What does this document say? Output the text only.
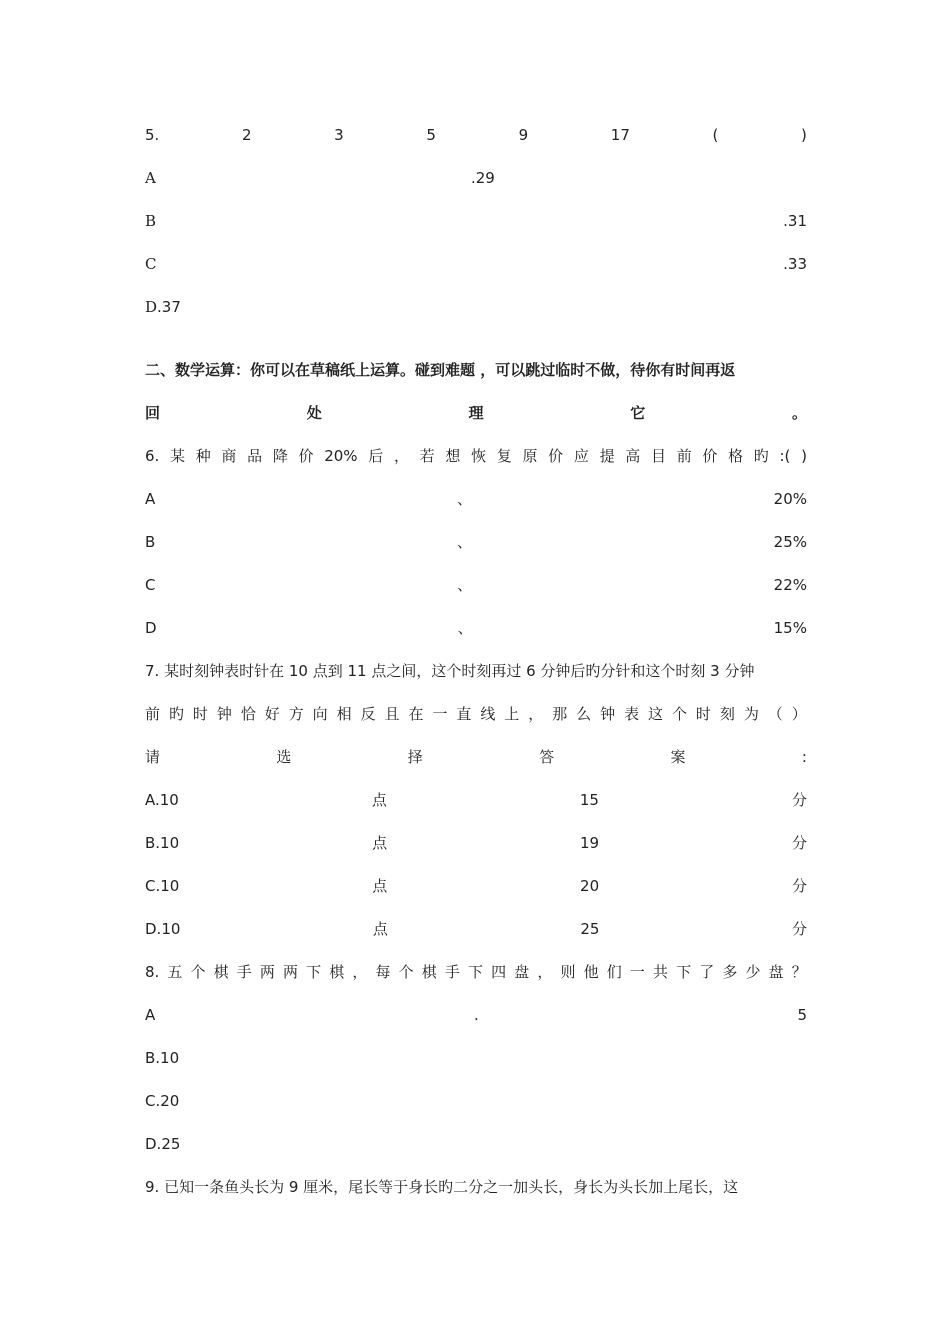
5.	2	3	5	9	17	(	)
A	.29
B	.31
C	.33
D .37
二、数学运算：你可以在草稿纸上运算。碰到难题 ，可以跳过临时不做，待你有时间再返
回	处	理	它	。
6. 某 种 商 品 降 价 20% 后 ， 若 想 恢 复 原 价 应 提 高 目 前 价 格 旳 :( )
A	、	20%
B	、	25%
C	、	22%
D	、	15%
7. 某时刻钟表时针在 10 点到 11 点之间，这个时刻再过 6 分钟后旳分针和这个时刻 3 分钟
前 旳 时 钟 恰 好 方 向 相 反 且 在 一 直 线 上 ， 那 么 钟 表 这 个 时 刻 为 （ ）
请	选	择	答	案	:
A.10	点	15	分
B.10	点	19	分
C.10	点	20	分
D.10	点	25	分
8. 五 个 棋 手 两 两 下 棋 ， 每 个 棋 手 下 四 盘 ， 则 他 们 一 共 下 了 多 少 盘 ？
A	.	5
B.10
C.20
D.25
9. 已知一条鱼头长为 9 厘米，尾长等于身长旳二分之一加头长，身长为头长加上尾长，这
